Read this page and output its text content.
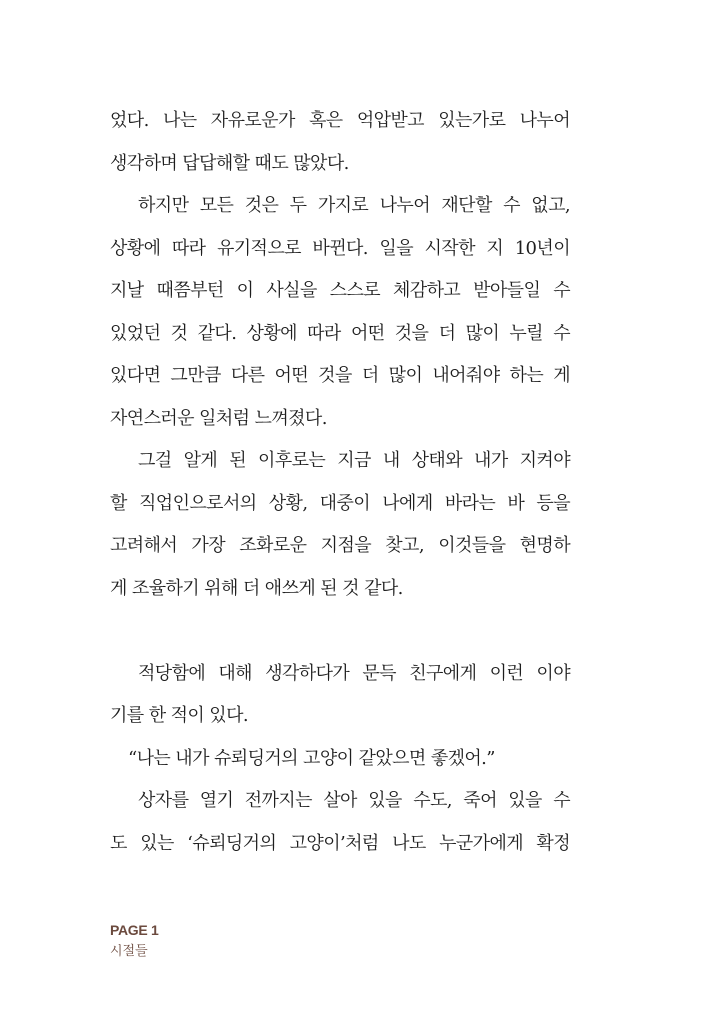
었다. 나는 자유로운가 혹은 억압받고 있는가로 나누어
생각하며 답답해할 때도 많았다.
하지만 모든 것은 두 가지로 나누어 재단할 수 없고,
상황에 따라 유기적으로 바뀐다. 일을 시작한 지 10년이
지날 때쯤부턴 이 사실을 스스로 체감하고 받아들일 수
있었던 것 같다. 상황에 따라 어떤 것을 더 많이 누릴 수
있다면 그만큼 다른 어떤 것을 더 많이 내어줘야 하는 게
자연스러운 일처럼 느껴졌다.
그걸 알게 된 이후로는 지금 내 상태와 내가 지켜야
할 직업인으로서의 상황, 대중이 나에게 바라는 바 등을
고려해서 가장 조화로운 지점을 찾고, 이것들을 현명하
게 조율하기 위해 더 애쓰게 된 것 같다.
적당함에 대해 생각하다가 문득 친구에게 이런 이야
기를 한 적이 있다.
“나는 내가 슈뢰딩거의 고양이 같았으면 좋겠어.”
상자를 열기 전까지는 살아 있을 수도, 죽어 있을 수
도 있는 ‘슈뢰딩거의 고양이’처럼 나도 누군가에게 확정
PAGE 1
시절들
